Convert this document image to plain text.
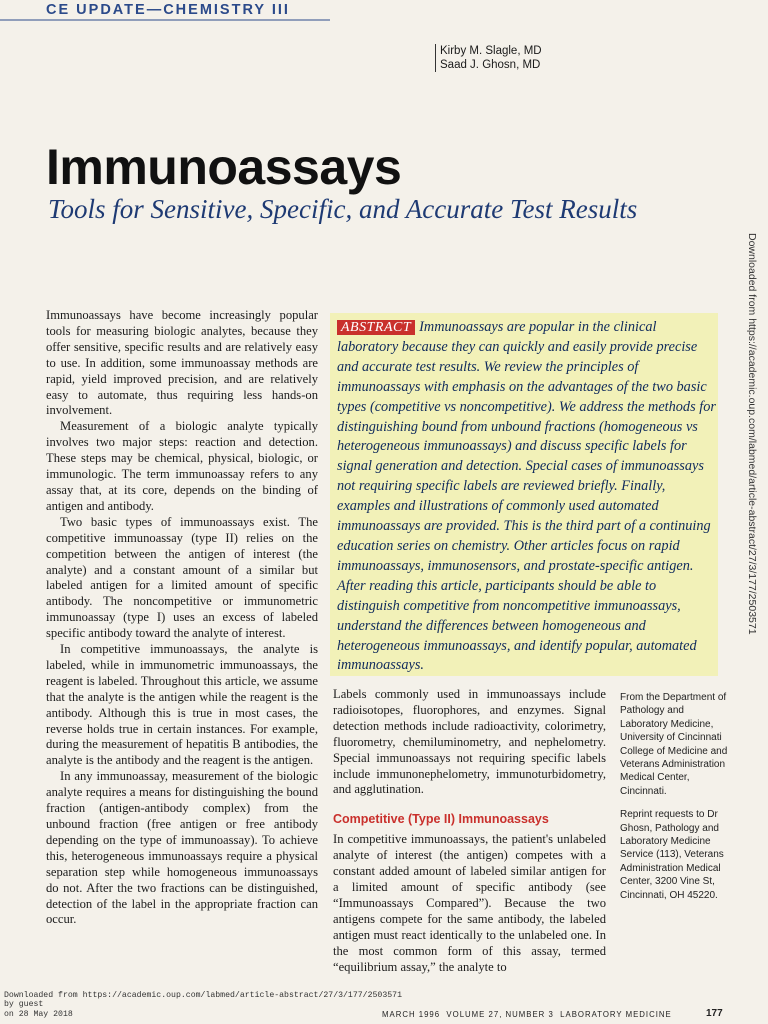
CE UPDATE—CHEMISTRY III
Kirby M. Slagle, MD
Saad J. Ghosn, MD
Immunoassays
Tools for Sensitive, Specific, and Accurate Test Results

Immunoassays have become increasingly popular tools for measuring biologic analytes, because they offer sensitive, specific results and are relatively easy to use. In addition, some immunoassay methods are rapid, yield improved precision, and are relatively easy to automate, thus requiring less hands-on involvement.

Measurement of a biologic analyte typically involves two major steps: reaction and detection. These steps may be chemical, physical, biologic, or immunologic. The term immunoassay refers to any assay that, at its core, depends on the binding of antigen and antibody.

Two basic types of immunoassays exist. The competitive immunoassay (type II) relies on the competition between the antigen of interest (the analyte) and a constant amount of a similar but labeled antigen for a limited amount of specific antibody. The noncompetitive or immunometric immunoassay (type I) uses an excess of labeled specific antibody toward the analyte of interest.

In competitive immunoassays, the analyte is labeled, while in immunometric immunoassays, the reagent is labeled. Throughout this article, we assume that the analyte is the antigen while the reagent is the antibody. Although this is true in most cases, the reverse holds true in certain instances. For example, during the measurement of hepatitis B antibodies, the analyte is the antibody and the reagent is the antigen.

In any immunoassay, measurement of the biologic analyte requires a means for distinguishing the bound fraction (antigen-antibody complex) from the unbound fraction (free antigen or free antibody depending on the type of immunoassay). To achieve this, heterogeneous immunoassays require a physical separation step while homogeneous immunoassays do not. After the two fractions can be distinguished, detection of the label in the appropriate fraction can occur.

ABSTRACT Immunoassays are popular in the clinical laboratory because they can quickly and easily provide precise and accurate test results. We review the principles of immunoassays with emphasis on the advantages of the two basic types (competitive vs noncompetitive). We address the methods for distinguishing bound from unbound fractions (homogeneous vs heterogeneous immunoassays) and discuss specific labels for signal generation and detection. Special cases of immunoassays not requiring specific labels are reviewed briefly. Finally, examples and illustrations of commonly used automated immunoassays are provided. This is the third part of a continuing education series on chemistry. Other articles focus on rapid immunoassays, immunosensors, and prostate-specific antigen. After reading this article, participants should be able to distinguish competitive from noncompetitive immunoassays, understand the differences between homogeneous and heterogeneous immunoassays, and identify popular, automated immunoassays.

Labels commonly used in immunoassays include radioisotopes, fluorophores, and enzymes. Signal detection methods include radioactivity, colorimetry, fluorometry, chemiluminometry, and nephelometry. Special immunoassays not requiring specific labels include immunonephelometry, immunoturbidometry, and agglutination.

Competitive (Type II) Immunoassays

In competitive immunoassays, the patient's unlabeled analyte of interest (the antigen) competes with a constant added amount of labeled similar antigen for a limited amount of specific antibody (see “Immunoassays Compared”). Because the two antigens compete for the same antibody, the labeled antigen must react identically to the unlabeled one. In the most common form of this assay, termed “equilibrium assay,” the analyte to

From the Department of Pathology and Laboratory Medicine, University of Cincinnati College of Medicine and Veterans Administration Medical Center, Cincinnati.

Reprint requests to Dr Ghosn, Pathology and Laboratory Medicine Service (113), Veterans Administration Medical Center, 3200 Vine St, Cincinnati, OH 45220.

Downloaded from https://academic.oup.com/labmed/article-abstract/27/3/177/2503571
Downloaded from https://academic.oup.com/labmed/article-abstract/27/3/177/2503571
by guest
on 28 May 2018	MARCH 1996  VOLUME 27, NUMBER 3  LABORATORY MEDICINE	177
